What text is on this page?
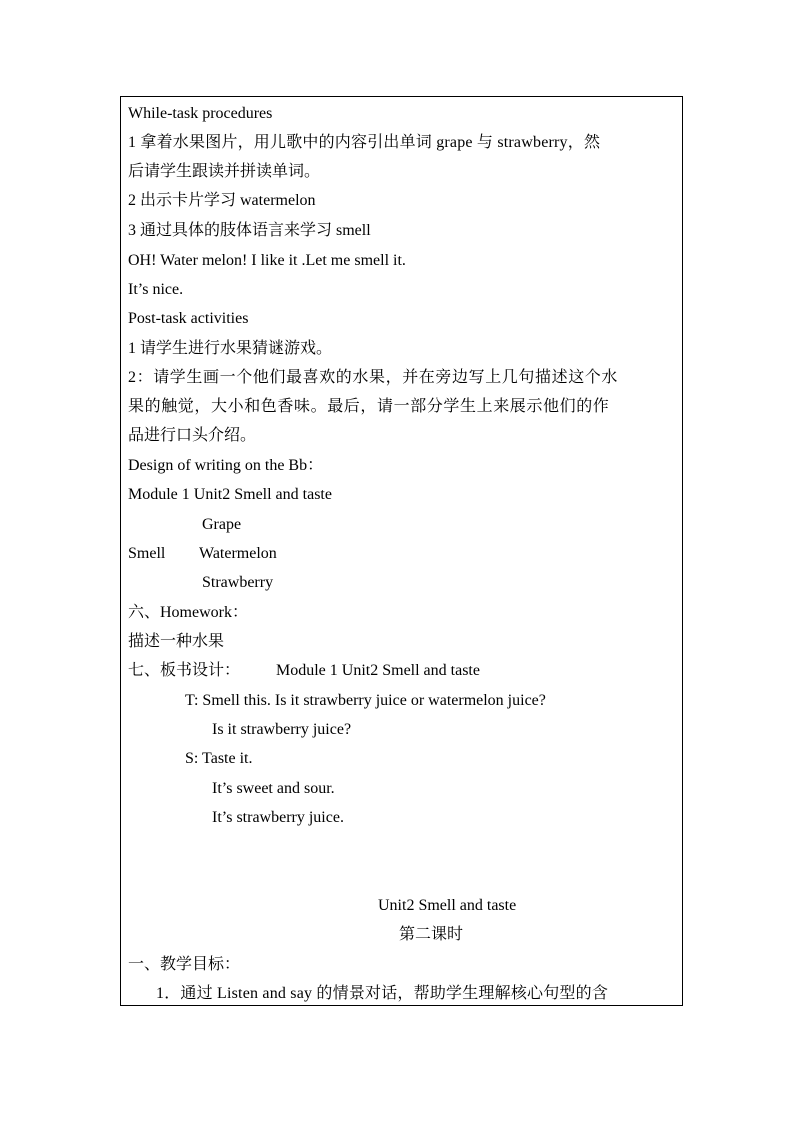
While-task procedures
1 拿着水果图片，用儿歌中的内容引出单词 grape 与 strawberry，然
后请学生跟读并拼读单词。
2 出示卡片学习 watermelon
3 通过具体的肢体语言来学习 smell
OH! Water melon! I like it .Let me smell it.
It’s nice.
Post-task activities
1 请学生进行水果猜谜游戏。
2：请学生画一个他们最喜欢的水果，并在旁边写上几句描述这个水
果的触觉，大小和色香味。最后，请一部分学生上来展示他们的作
品进行口头介绍。
Design of writing on the Bb：
Module 1 Unit2 Smell and taste
Grape
Smell Watermelon
Strawberry
六、Homework：
描述一种水果
七、板书设计： Module 1 Unit2 Smell and taste
T: Smell this. Is it strawberry juice or watermelon juice?
Is it strawberry juice?
S: Taste it.
It’s sweet and sour.
It’s strawberry juice.
Unit2 Smell and taste
第二课时
一、教学目标：
1．通过 Listen and say 的情景对话，帮助学生理解核心句型的含
